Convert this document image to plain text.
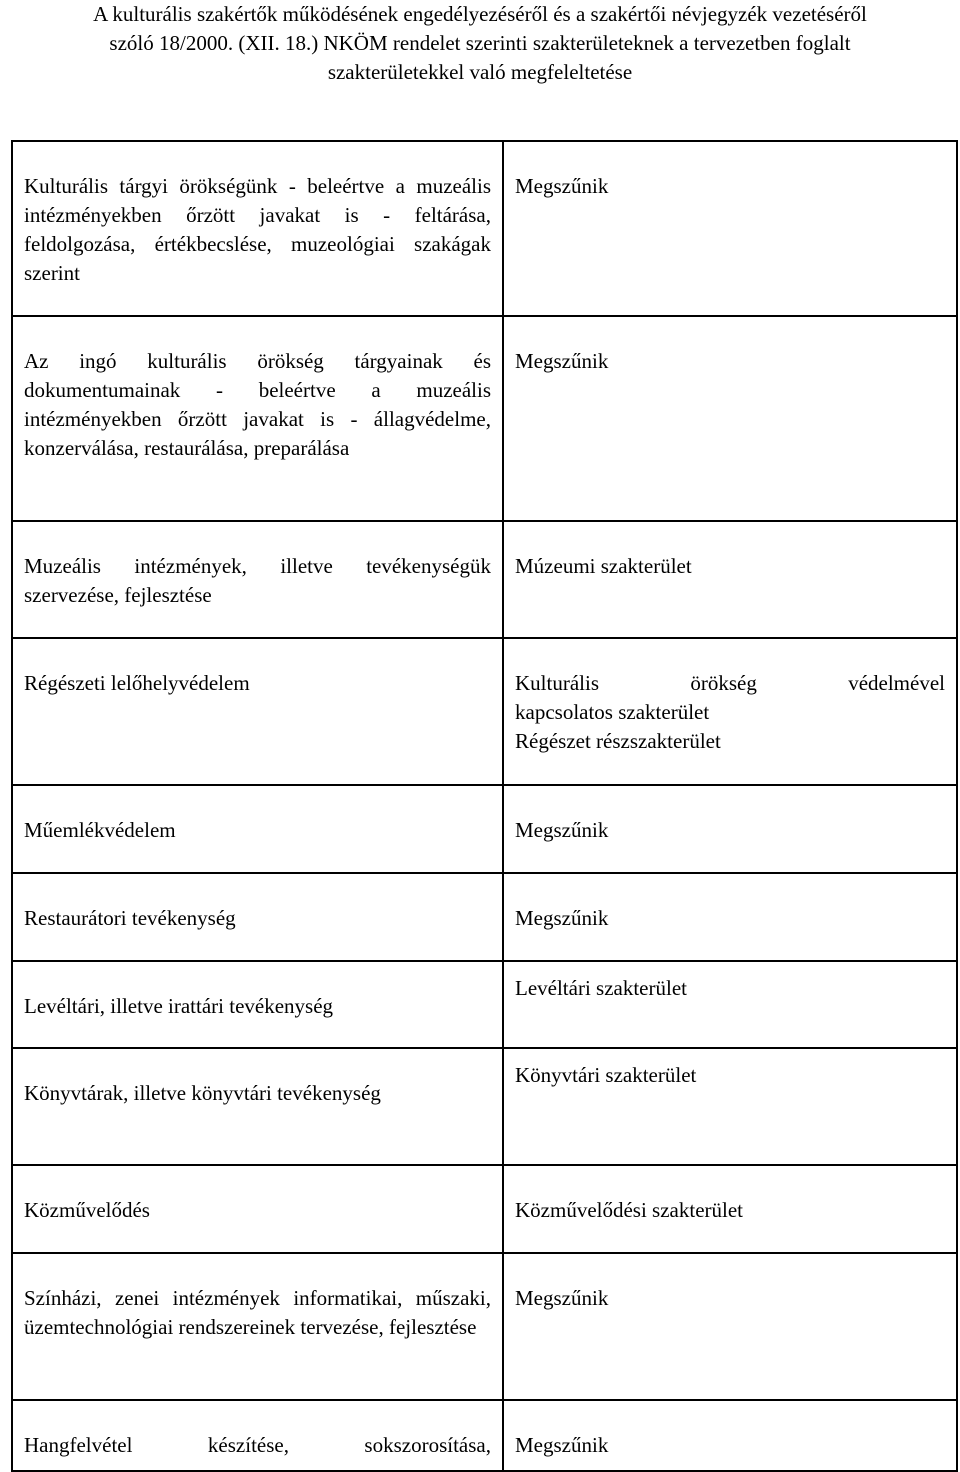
A kulturális szakértők működésének engedélyezéséről és a szakértői névjegyzék vezetéséről
szóló 18/2000. (XII. 18.) NKÖM rendelet szerinti szakterületeknek a tervezetben foglalt
szakterületekkel való megfeleltetése
Kulturális tárgyi örökségünk - beleértve a muzeális intézményekben őrzött javakat is - feltárása, feldolgozása, értékbecslése, muzeológiai szakágak szerint	Megszűnik
Az ingó kulturális örökség tárgyainak és dokumentumainak - beleértve a muzeális intézményekben őrzött javakat is - állagvédelme, konzerválása, restaurálása, preparálása	Megszűnik
Muzeális intézmények, illetve tevékenységük szervezése, fejlesztése	Múzeumi szakterület
Régészeti lelőhelyvédelem	Kulturális örökség védelmével
kapcsolatos szakterület
Régészet részszakterület

Műemlékvédelem	Megszűnik
Restaurátori tevékenység	Megszűnik
Levéltári, illetve irattári tevékenység	Levéltári szakterület
Könyvtárak, illetve könyvtári tevékenység	Könyvtári szakterület
Közművelődés	Közművelődési szakterület
Színházi, zenei intézmények informatikai, műszaki, üzemtechnológiai rendszereinek tervezése, fejlesztése	Megszűnik

Hangfelvétel készítése, sokszorosítása,	Megszűnik
